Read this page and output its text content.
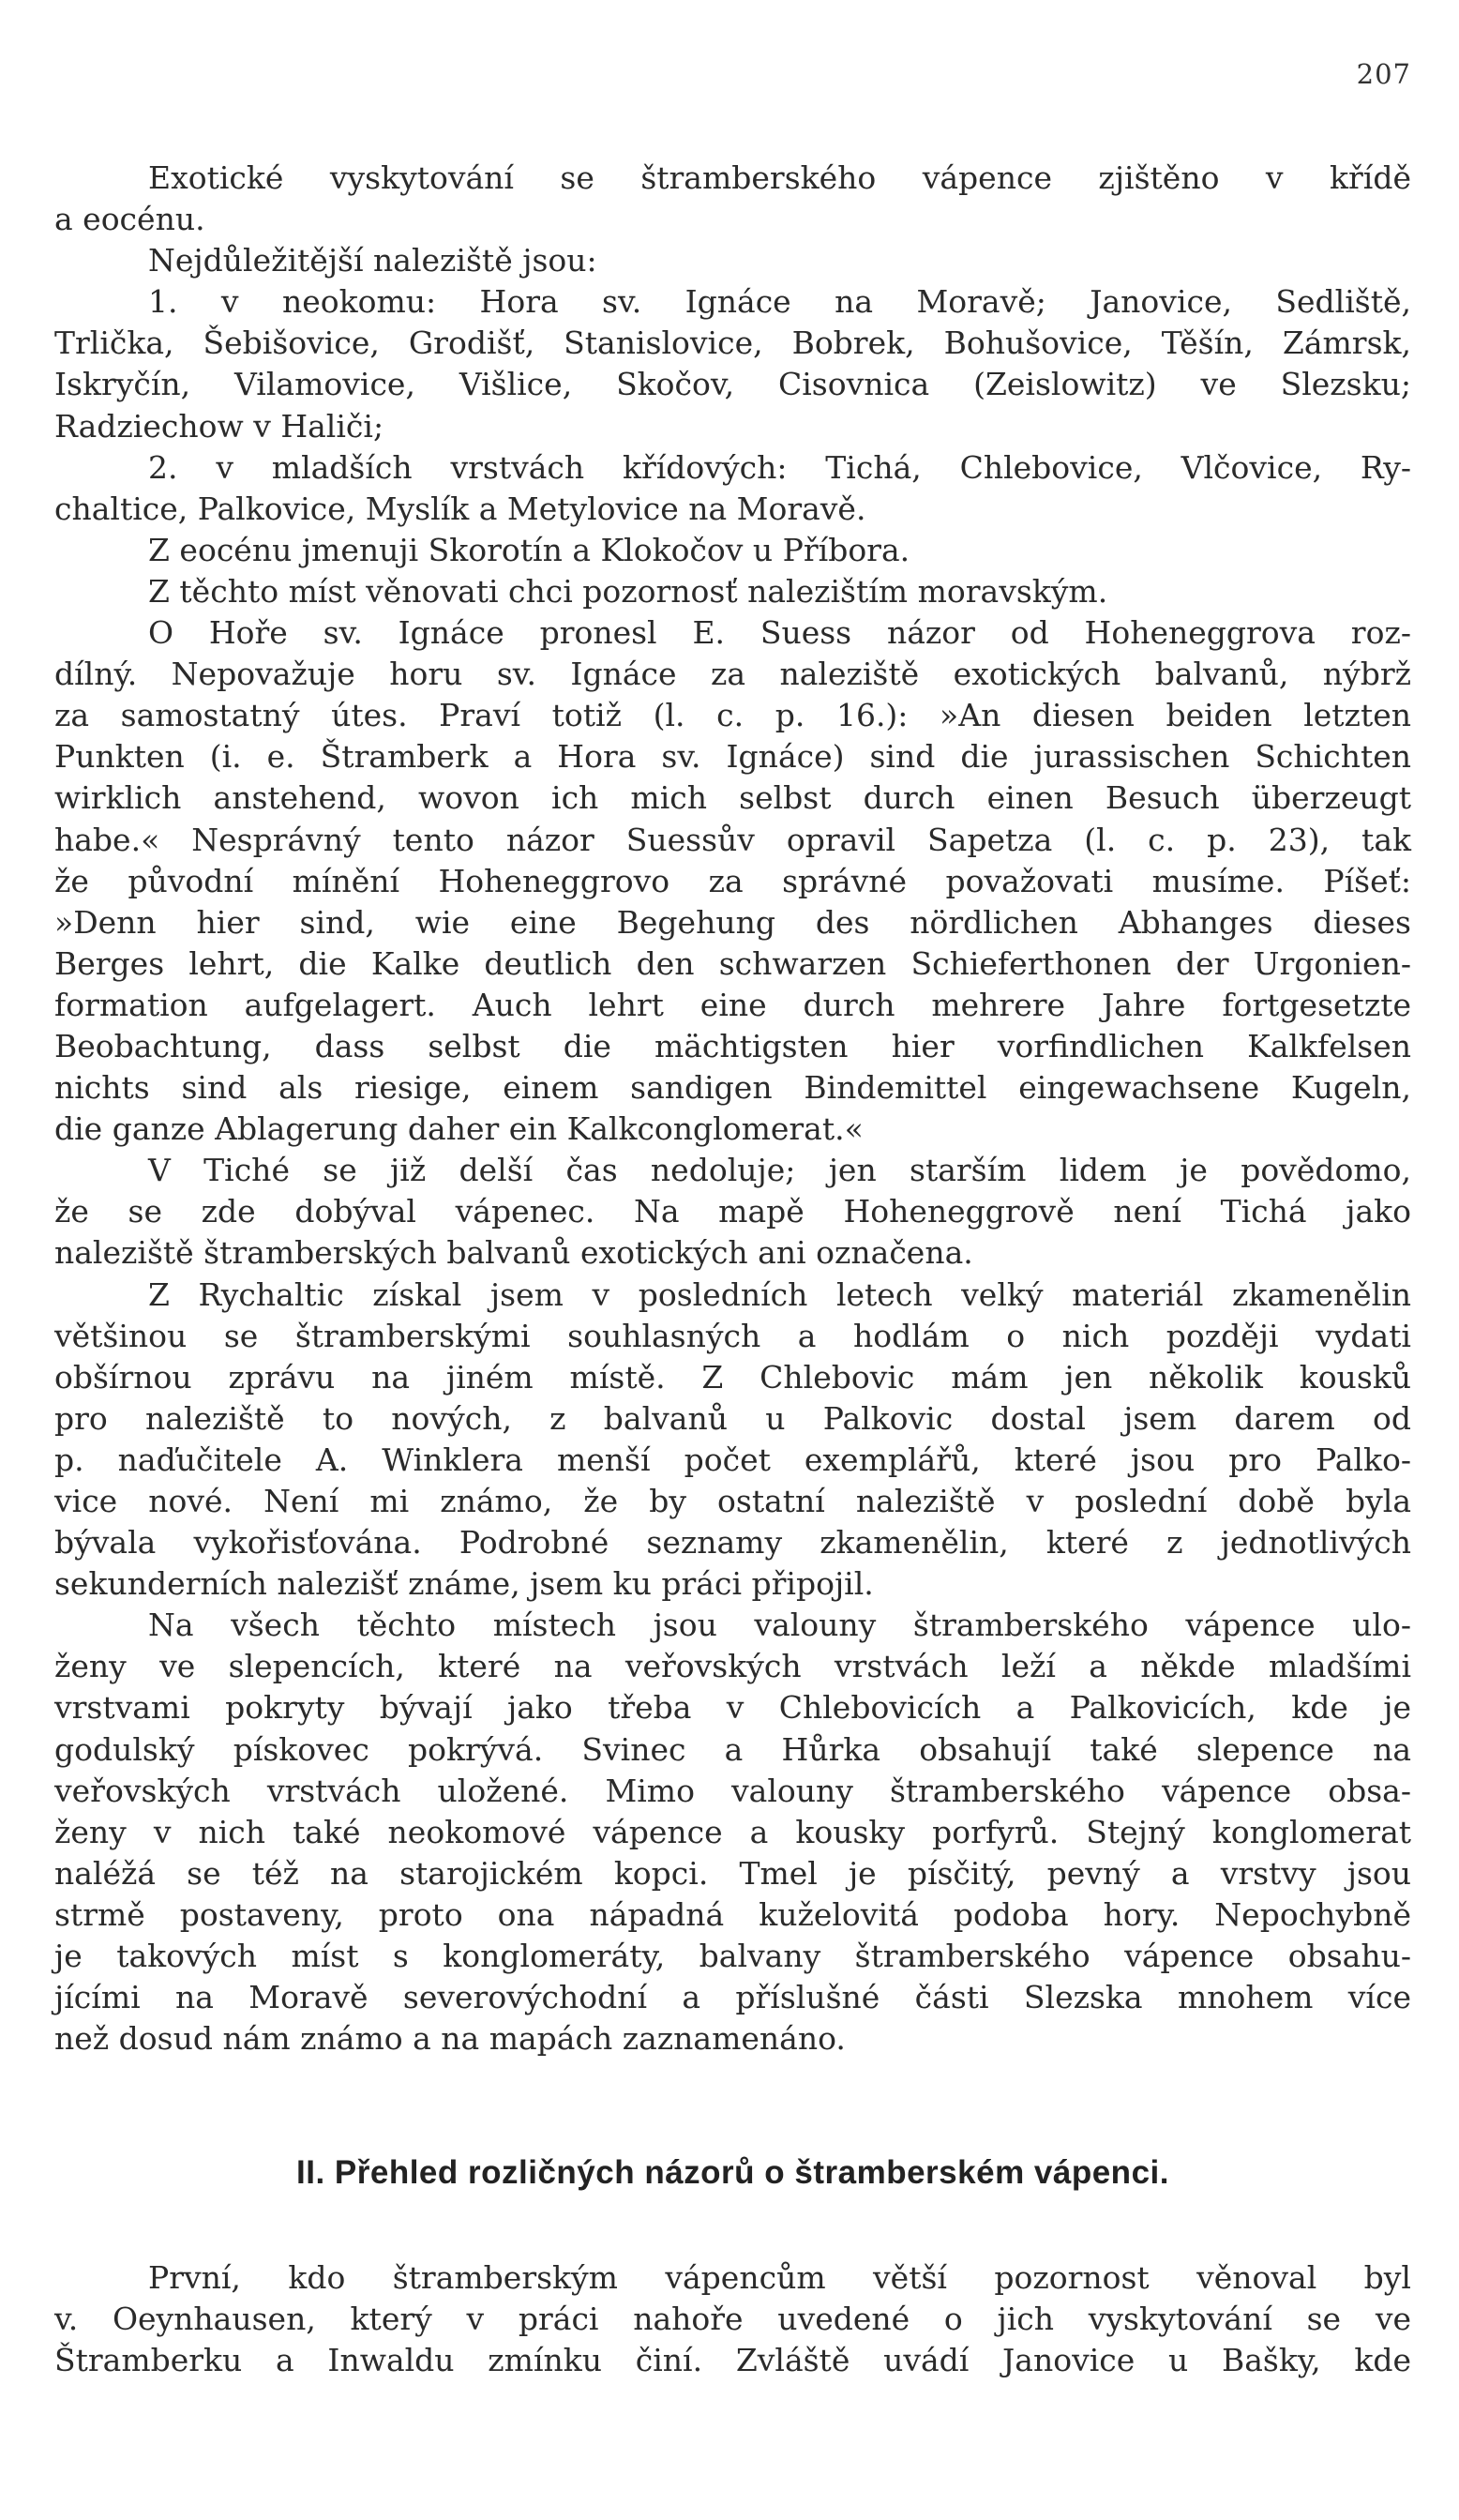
207
Exotické vyskytování se štramberského vápence zjištěno v křídě
a eocénu.
Nejdůležitější naleziště jsou:
1. v neokomu: Hora sv. Ignáce na Moravě; Janovice, Sedliště,
Trlička, Šebišovice, Grodišť, Stanislovice, Bobrek, Bohušovice, Těšín, Zámrsk,
Iskryčín, Vilamovice, Višlice, Skočov, Cisovnica (Zeislowitz) ve Slezsku;
Radziechow v Haliči;
2. v mladších vrstvách křídových: Tichá, Chlebovice, Vlčovice, Ry-
chaltice, Palkovice, Myslík a Metylovice na Moravě.
Z eocénu jmenuji Skorotín a Klokočov u Příbora.
Z těchto míst věnovati chci pozornosť nalezištím moravským.
O Hoře sv. Ignáce pronesl E. Suess názor od Hoheneggrova roz-
dílný. Nepovažuje horu sv. Ignáce za naleziště exotických balvanů, nýbrž
za samostatný útes. Praví totiž (l. c. p. 16.): »An diesen beiden letzten
Punkten (i. e. Štramberk a Hora sv. Ignáce) sind die jurassischen Schichten
wirklich anstehend, wovon ich mich selbst durch einen Besuch überzeugt
habe.« Nesprávný tento názor Suessův opravil Sapetza (l. c. p. 23), tak
že původní mínění Hoheneggrovo za správné považovati musíme. Píšeť:
»Denn hier sind, wie eine Begehung des nördlichen Abhanges dieses
Berges lehrt, die Kalke deutlich den schwarzen Schieferthonen der Urgonien-
formation aufgelagert. Auch lehrt eine durch mehrere Jahre fortgesetzte
Beobachtung, dass selbst die mächtigsten hier vorfindlichen Kalkfelsen
nichts sind als riesige, einem sandigen Bindemittel eingewachsene Kugeln,
die ganze Ablagerung daher ein Kalkconglomerat.«
V Tiché se již delší čas nedoluje; jen starším lidem je povědomo,
že se zde dobýval vápenec. Na mapě Hoheneggrově není Tichá jako
naleziště štramberských balvanů exotických ani označena.
Z Rychaltic získal jsem v posledních letech velký materiál zkamenělin
většinou se štramberskými souhlasných a hodlám o nich později vydati
obšírnou zprávu na jiném místě. Z Chlebovic mám jen několik kousků
pro naleziště to nových, z balvanů u Palkovic dostal jsem darem od
p. naďučitele A. Winklera menší počet exemplářů, které jsou pro Palko-
vice nové. Není mi známo, že by ostatní naleziště v poslední době byla
bývala vykořisťována. Podrobné seznamy zkamenělin, které z jednotlivých
sekunderních nalezišť známe, jsem ku práci připojil.
Na všech těchto místech jsou valouny štramberského vápence ulo-
ženy ve slepencích, které na veřovských vrstvách leží a někde mladšími
vrstvami pokryty bývají jako třeba v Chlebovicích a Palkovicích, kde je
godulský pískovec pokrývá. Svinec a Hůrka obsahují také slepence na
veřovských vrstvách uložené. Mimo valouny štramberského vápence obsa-
ženy v nich také neokomové vápence a kousky porfyrů. Stejný konglomerat
naléžá se též na starojickém kopci. Tmel je písčitý, pevný a vrstvy jsou
strmě postaveny, proto ona nápadná kuželovitá podoba hory. Nepochybně
je takových míst s konglomeráty, balvany štramberského vápence obsahu-
jícími na Moravě severovýchodní a příslušné části Slezska mnohem více
než dosud nám známo a na mapách zaznamenáno.
II. Přehled rozličných názorů o štramberském vápenci.
První, kdo štramberským vápencům větší pozornost věnoval byl
v. Oeynhausen, který v práci nahoře uvedené o jich vyskytování se ve
Štramberku a Inwaldu zmínku činí. Zvláště uvádí Janovice u Bašky, kde
